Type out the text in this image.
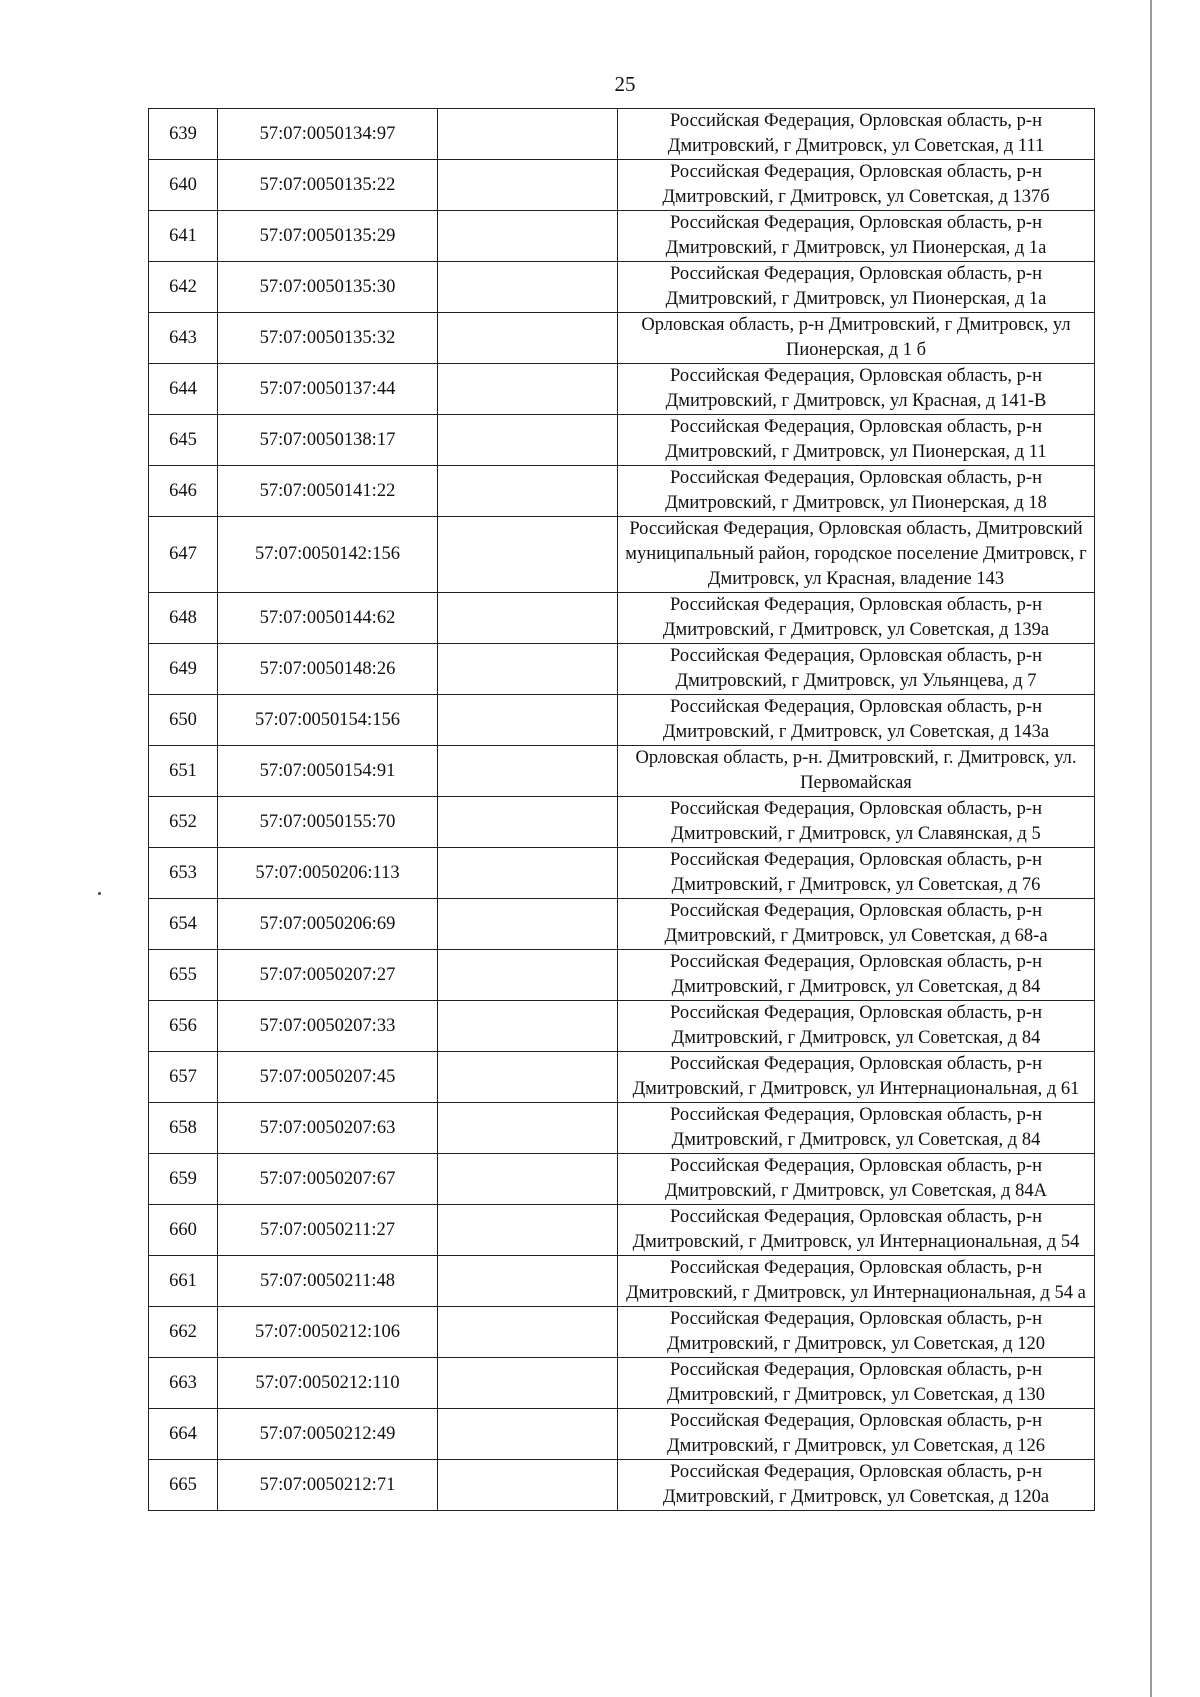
25
639	57:07:0050134:97		Российская Федерация, Орловская область, р-н Дмитровский, г Дмитровск, ул Советская, д 111
640	57:07:0050135:22		Российская Федерация, Орловская область, р-н Дмитровский, г Дмитровск, ул Советская, д 137б
641	57:07:0050135:29		Российская Федерация, Орловская область, р-н Дмитровский, г Дмитровск, ул Пионерская, д 1а
642	57:07:0050135:30		Российская Федерация, Орловская область, р-н Дмитровский, г Дмитровск, ул Пионерская, д 1а
643	57:07:0050135:32		Орловская область, р-н Дмитровский, г Дмитровск, ул Пионерская, д 1 б
644	57:07:0050137:44		Российская Федерация, Орловская область, р-н Дмитровский, г Дмитровск, ул Красная, д 141-В
645	57:07:0050138:17		Российская Федерация, Орловская область, р-н Дмитровский, г Дмитровск, ул Пионерская, д 11
646	57:07:0050141:22		Российская Федерация, Орловская область, р-н Дмитровский, г Дмитровск, ул Пионерская, д 18
647	57:07:0050142:156		Российская Федерация, Орловская область, Дмитровский муниципальный район, городское поселение Дмитровск, г Дмитровск, ул Красная, владение 143
648	57:07:0050144:62		Российская Федерация, Орловская область, р-н Дмитровский, г Дмитровск, ул Советская, д 139а
649	57:07:0050148:26		Российская Федерация, Орловская область, р-н Дмитровский, г Дмитровск, ул Ульянцева, д 7
650	57:07:0050154:156		Российская Федерация, Орловская область, р-н Дмитровский, г Дмитровск, ул Советская, д 143а
651	57:07:0050154:91		Орловская область, р-н. Дмитровский, г. Дмитровск, ул. Первомайская
652	57:07:0050155:70		Российская Федерация, Орловская область, р-н Дмитровский, г Дмитровск, ул Славянская, д 5
653	57:07:0050206:113		Российская Федерация, Орловская область, р-н Дмитровский, г Дмитровск, ул Советская, д 76
654	57:07:0050206:69		Российская Федерация, Орловская область, р-н Дмитровский, г Дмитровск, ул Советская, д 68-а
655	57:07:0050207:27		Российская Федерация, Орловская область, р-н Дмитровский, г Дмитровск, ул Советская, д 84
656	57:07:0050207:33		Российская Федерация, Орловская область, р-н Дмитровский, г Дмитровск, ул Советская, д 84
657	57:07:0050207:45		Российская Федерация, Орловская область, р-н Дмитровский, г Дмитровск, ул Интернациональная, д 61
658	57:07:0050207:63		Российская Федерация, Орловская область, р-н Дмитровский, г Дмитровск, ул Советская, д 84
659	57:07:0050207:67		Российская Федерация, Орловская область, р-н Дмитровский, г Дмитровск, ул Советская, д 84А
660	57:07:0050211:27		Российская Федерация, Орловская область, р-н Дмитровский, г Дмитровск, ул Интернациональная, д 54
661	57:07:0050211:48		Российская Федерация, Орловская область, р-н Дмитровский, г Дмитровск, ул Интернациональная, д 54 а
662	57:07:0050212:106		Российская Федерация, Орловская область, р-н Дмитровский, г Дмитровск, ул Советская, д 120
663	57:07:0050212:110		Российская Федерация, Орловская область, р-н Дмитровский, г Дмитровск, ул Советская, д 130
664	57:07:0050212:49		Российская Федерация, Орловская область, р-н Дмитровский, г Дмитровск, ул Советская, д 126
665	57:07:0050212:71		Российская Федерация, Орловская область, р-н Дмитровский, г Дмитровск, ул Советская, д 120а
